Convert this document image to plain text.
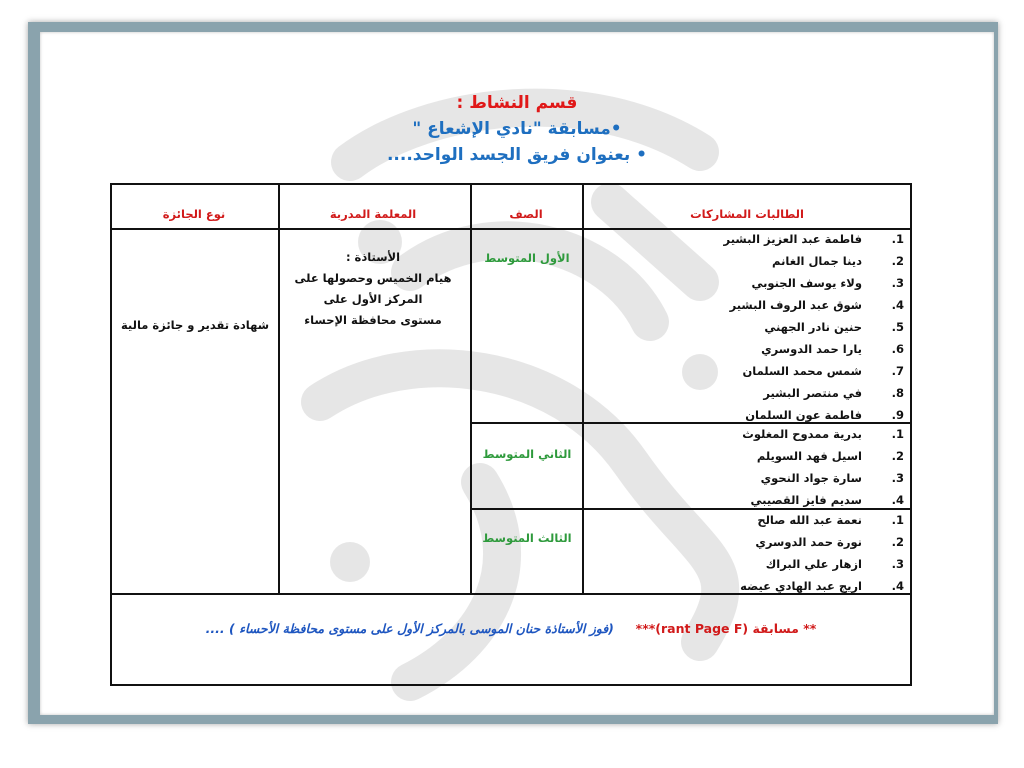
قسم النشاط :
•مسابقة "نادي الإشعاع "
• بعنوان فريق الجسد الواحد....
الطالبات المشاركات
الصف
المعلمة المدربة
نوع الجائزة
1.
فاطمة عبد العزيز البشير
2.
دينا جمال الغانم
3.
ولاء يوسف الجنوبي
4.
شوق عبد الروف البشير
5.
حنين نادر الجهني
6.
يارا حمد الدوسري
7.
شمس محمد السلمان
8.
في منتصر البشير
9.
فاطمة عون السلمان
1.
بدرية ممدوح المغلوث
2.
اسيل فهد السويلم
3.
سارة جواد النحوي
4.
سديم فايز القصيبي
1.
نعمة عبد الله صالح
2.
نورة حمد الدوسري
3.
ازهار علي البراك
4.
اريج عبد الهادي عيضه
الأول المتوسط
الثاني المتوسط
الثالث المتوسط
الأستاذة :
هيام الخميس وحصولها على
المركز الأول على
مستوى محافظة الإحساء
شهادة تقدير و جائزة مالية
** مسابقة (rant Page F)***     (فوز الأستاذة حنان الموسى بالمركز الأول على مستوى محافظة الأحساء ) ....
